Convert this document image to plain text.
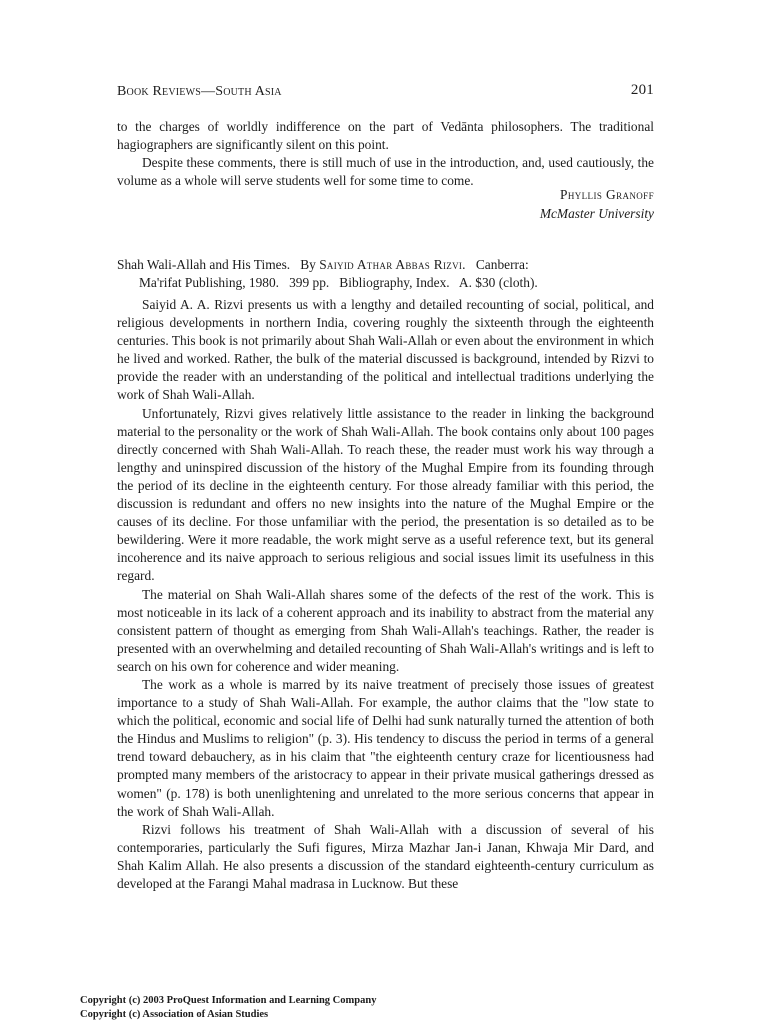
Book Reviews—South Asia	201

to the charges of worldly indifference on the part of Vedānta philosophers. The traditional hagiographers are significantly silent on this point.

Despite these comments, there is still much of use in the introduction, and, used cautiously, the volume as a whole will serve students well for some time to come.

Phyllis Granoff
McMaster University
Shah Wali-Allah and His Times. By Saiyid Athar Abbas Rizvi. Canberra:
Ma'rifat Publishing, 1980.   399 pp.   Bibliography, Index.   A. $30 (cloth).

Saiyid A. A. Rizvi presents us with a lengthy and detailed recounting of social, political, and religious developments in northern India, covering roughly the sixteenth through the eighteenth centuries. This book is not primarily about Shah Wali-Allah or even about the environment in which he lived and worked. Rather, the bulk of the material discussed is background, intended by Rizvi to provide the reader with an understanding of the political and intellectual traditions underlying the work of Shah Wali-Allah.

Unfortunately, Rizvi gives relatively little assistance to the reader in linking the background material to the personality or the work of Shah Wali-Allah. The book contains only about 100 pages directly concerned with Shah Wali-Allah. To reach these, the reader must work his way through a lengthy and uninspired discussion of the history of the Mughal Empire from its founding through the period of its decline in the eighteenth century. For those already familiar with this period, the discussion is redundant and offers no new insights into the nature of the Mughal Empire or the causes of its decline. For those unfamiliar with the period, the presentation is so detailed as to be bewildering. Were it more readable, the work might serve as a useful reference text, but its general incoherence and its naive approach to serious religious and social issues limit its usefulness in this regard.

The material on Shah Wali-Allah shares some of the defects of the rest of the work. This is most noticeable in its lack of a coherent approach and its inability to abstract from the material any consistent pattern of thought as emerging from Shah Wali-Allah's teachings. Rather, the reader is presented with an overwhelming and detailed recounting of Shah Wali-Allah's writings and is left to search on his own for coherence and wider meaning.

The work as a whole is marred by its naive treatment of precisely those issues of greatest importance to a study of Shah Wali-Allah. For example, the author claims that the "low state to which the political, economic and social life of Delhi had sunk naturally turned the attention of both the Hindus and Muslims to religion" (p. 3). His tendency to discuss the period in terms of a general trend toward debauchery, as in his claim that "the eighteenth century craze for licentiousness had prompted many members of the aristocracy to appear in their private musical gatherings dressed as women" (p. 178) is both unenlightening and unrelated to the more serious concerns that appear in the work of Shah Wali-Allah.

Rizvi follows his treatment of Shah Wali-Allah with a discussion of several of his contemporaries, particularly the Sufi figures, Mirza Mazhar Jan-i Janan, Khwaja Mir Dard, and Shah Kalim Allah. He also presents a discussion of the standard eighteenth-century curriculum as developed at the Farangi Mahal madrasa in Lucknow. But these

Copyright (c) 2003 ProQuest Information and Learning Company
Copyright (c) Association of Asian Studies
